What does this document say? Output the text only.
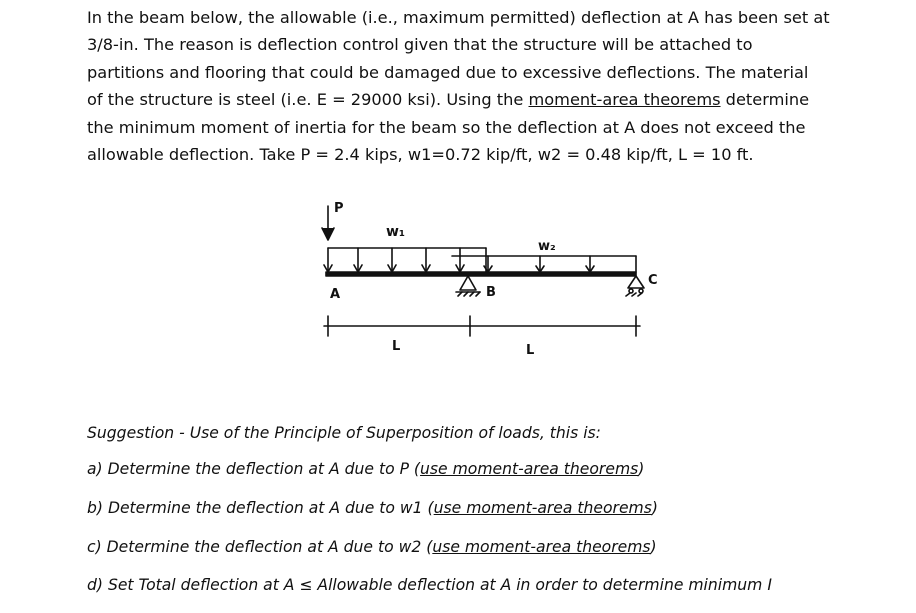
In the beam below, the allowable (i.e., maximum permitted) deflection at A has been set at
3/8-in. The reason is deflection control given that the structure will be attached to
partitions and flooring that could be damaged due to excessive deflections. The material
of the structure is steel (i.e. E = 29000 ksi). Using the moment-area theorems determine
the minimum moment of inertia for the beam so the deflection at A does not exceed the
allowable deflection. Take P = 2.4 kips, w1=0.72 kip/ft, w2 = 0.48 kip/ft, L = 10 ft.
P
w₁
w₂
A	B
C
L	L
Suggestion - Use of the Principle of Superposition of loads, this is:
a) Determine the deflection at A due to P (use moment-area theorems)
b) Determine the deflection at A due to w1 (use moment-area theorems)
c) Determine the deflection at A due to w2 (use moment-area theorems)
d) Set Total deflection at A ≤ Allowable deflection at A in order to determine minimum I
